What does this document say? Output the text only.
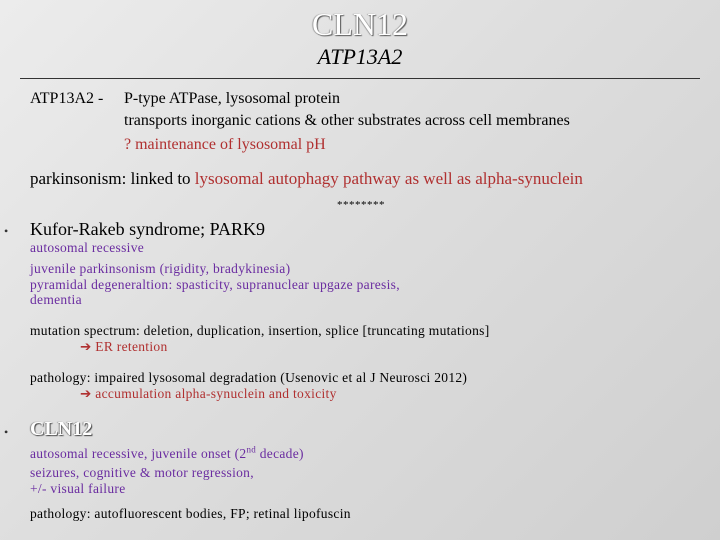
CLN12
ATP13A2
ATP13A2 - P-type ATPase, lysosomal protein
transports inorganic cations & other substrates across cell membranes
? maintenance of lysosomal pH
parkinsonism: linked to lysosomal autophagy pathway as well as alpha-synuclein
********
• Kufor-Rakeb syndrome; PARK9
autosomal recessive
juvenile parkinsonism (rigidity, bradykinesia)
pyramidal degeneraltion: spasticity, supranuclear upgaze paresis,
dementia
mutation spectrum: deletion, duplication, insertion, splice [truncating mutations]
➔ ER retention
pathology: impaired lysosomal degradation (Usenovic et al J Neurosci 2012)
➔ accumulation alpha-synuclein and toxicity
• CLN12
autosomal recessive, juvenile onset (2nd decade)
seizures, cognitive & motor regression,
+/- visual failure
pathology: autofluorescent bodies, FP; retinal lipofuscin
